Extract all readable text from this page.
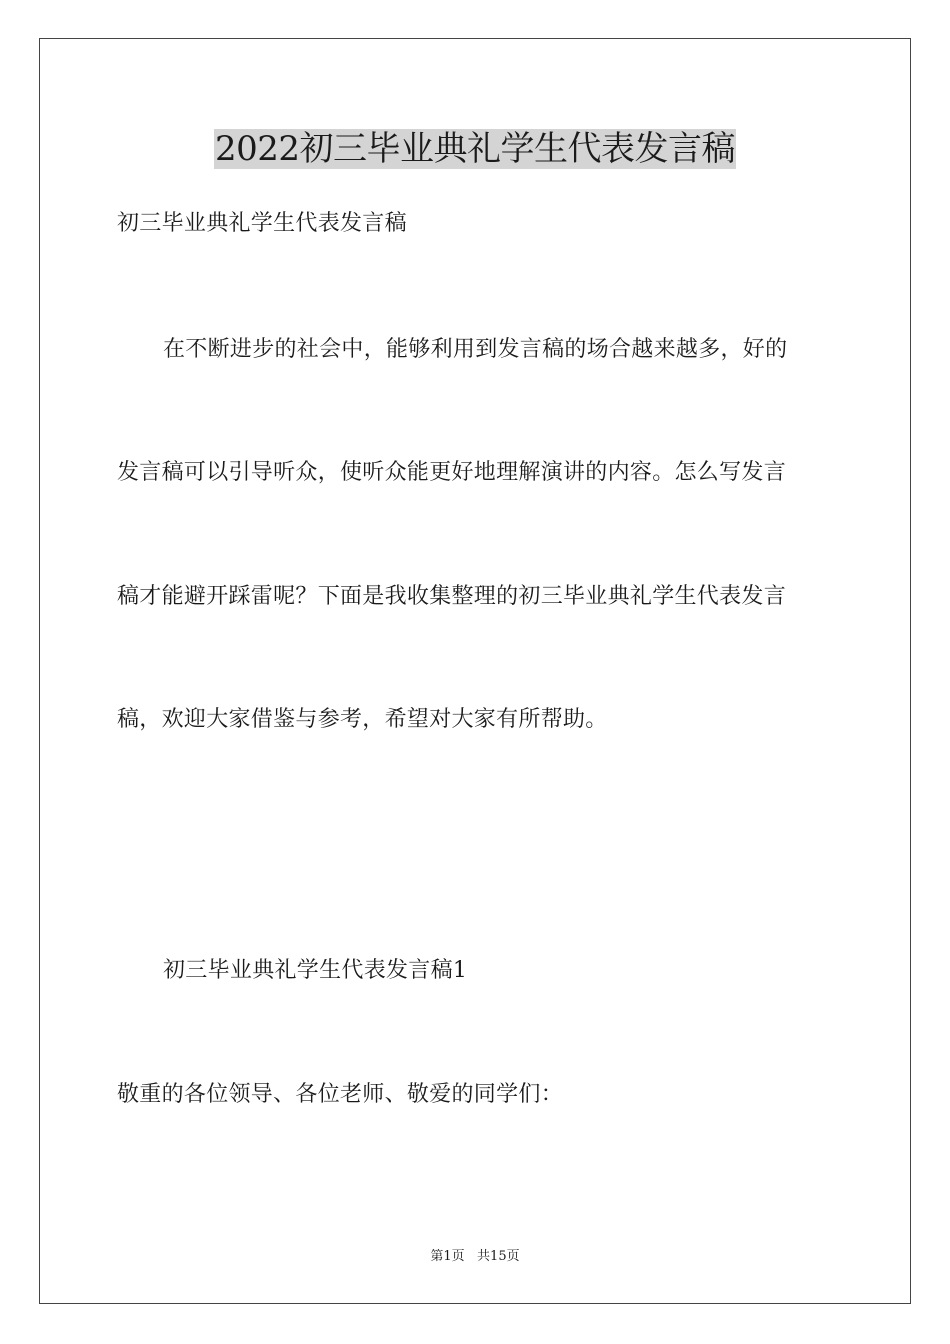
2022初三毕业典礼学生代表发言稿

初三毕业典礼学生代表发言稿

在不断进步的社会中，能够利用到发言稿的场合越来越多，好的

发言稿可以引导听众，使听众能更好地理解演讲的内容。怎么写发言

稿才能避开踩雷呢？下面是我收集整理的初三毕业典礼学生代表发言

稿，欢迎大家借鉴与参考，希望对大家有所帮助。

初三毕业典礼学生代表发言稿1

敬重的各位领导、各位老师、敬爱的同学们：

第1页   共15页
